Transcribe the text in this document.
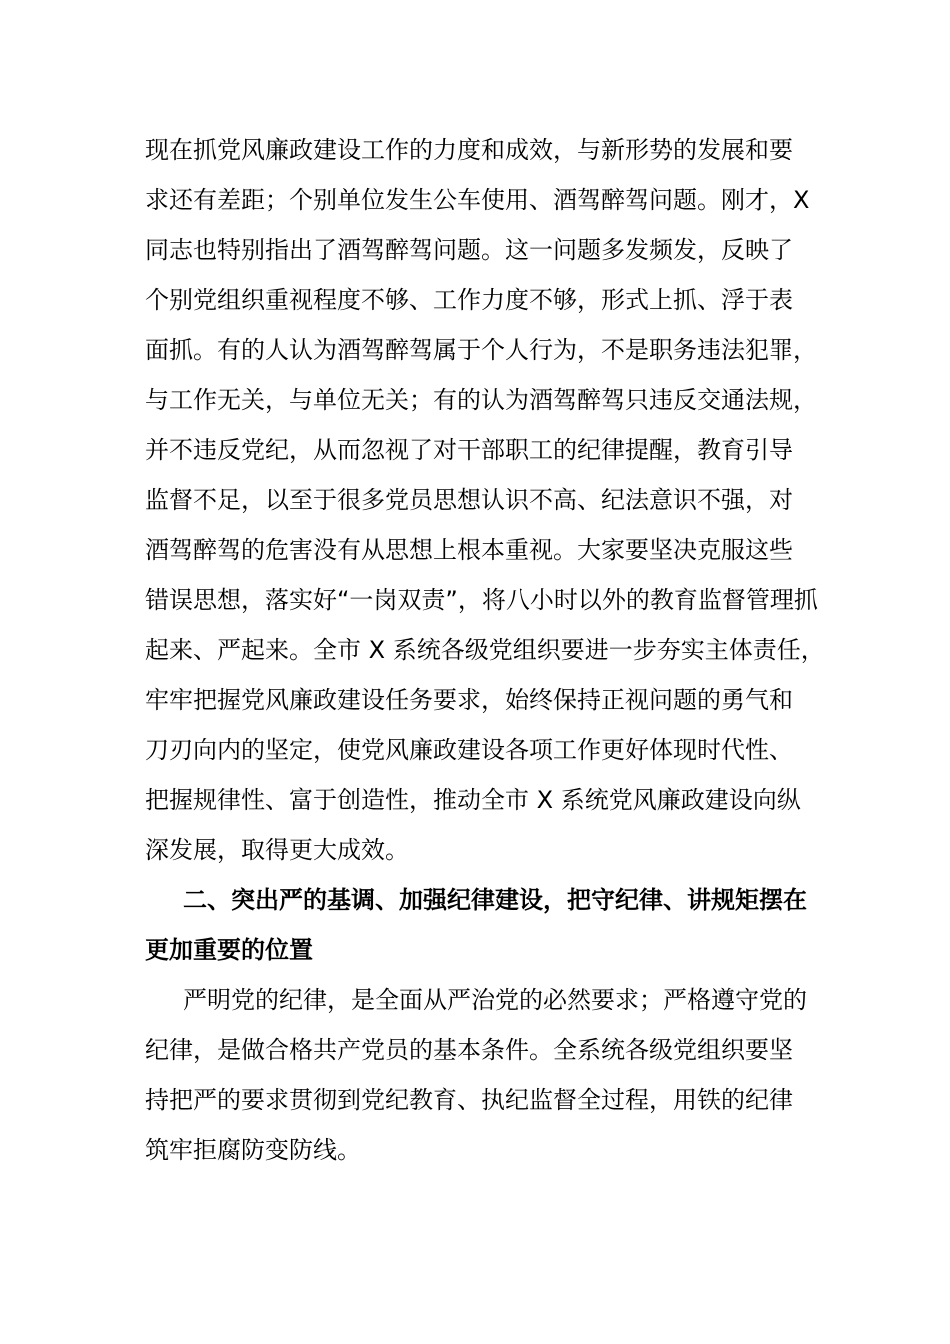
现在抓党风廉政建设工作的力度和成效，与新形势的发展和要
求还有差距；个别单位发生公车使用、酒驾醉驾问题。刚才，X
同志也特别指出了酒驾醉驾问题。这一问题多发频发，反映了
个别党组织重视程度不够、工作力度不够，形式上抓、浮于表
面抓。有的人认为酒驾醉驾属于个人行为，不是职务违法犯罪，
与工作无关，与单位无关；有的认为酒驾醉驾只违反交通法规，
并不违反党纪，从而忽视了对干部职工的纪律提醒，教育引导
监督不足，以至于很多党员思想认识不高、纪法意识不强，对
酒驾醉驾的危害没有从思想上根本重视。大家要坚决克服这些
错误思想，落实好“一岗双责”，将八小时以外的教育监督管理抓
起来、严起来。全市 X 系统各级党组织要进一步夯实主体责任，
牢牢把握党风廉政建设任务要求，始终保持正视问题的勇气和
刀刃向内的坚定，使党风廉政建设各项工作更好体现时代性、
把握规律性、富于创造性，推动全市 X 系统党风廉政建设向纵
深发展，取得更大成效。
二、突出严的基调、加强纪律建设，把守纪律、讲规矩摆在
更加重要的位置
严明党的纪律，是全面从严治党的必然要求；严格遵守党的
纪律，是做合格共产党员的基本条件。全系统各级党组织要坚
持把严的要求贯彻到党纪教育、执纪监督全过程，用铁的纪律
筑牢拒腐防变防线。
